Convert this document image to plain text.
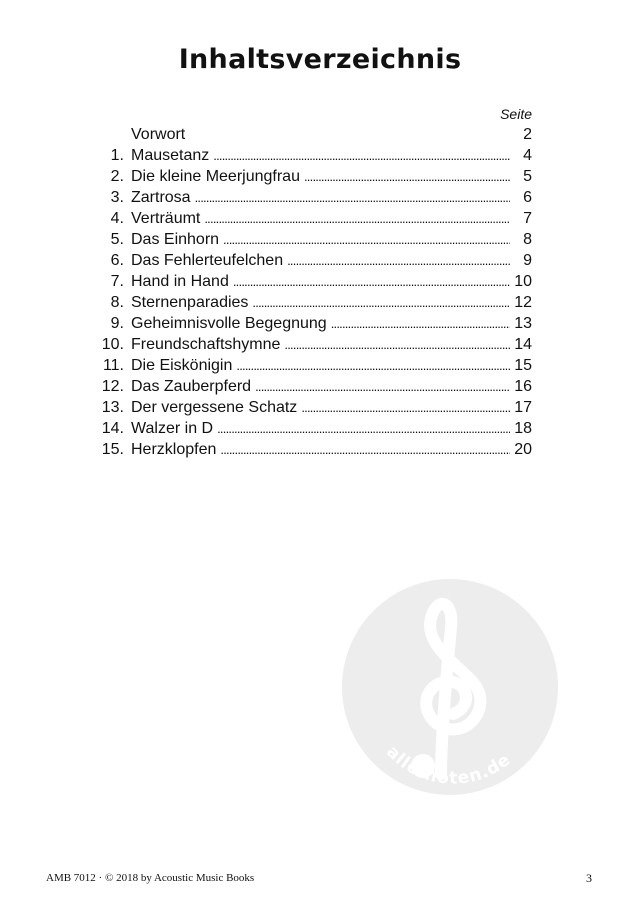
Inhaltsverzeichnis
Seite
Vorwort	2
1. Mausetanz . . .	4
2. Die kleine Meerjungfrau . . .	5
3. Zartrosa . . .	6
4. Verträumt . . .	7
5. Das Einhorn . . .	8
6. Das Fehlerteufelchen . . .	9
7. Hand in Hand . . .	10
8. Sternenparadies . . .	12
9. Geheimnisvolle Begegnung . . .	13
10. Freundschaftshymne . . .	14
11. Die Eiskönigin . . .	15
12. Das Zauberpferd . . .	16
13. Der vergessene Schatz . . .	17
14. Walzer in D . . .	18
15. Herzklopfen . . .	20
alle-noten.de
AMB 7012 · © 2018 by Acoustic Music Books	3
